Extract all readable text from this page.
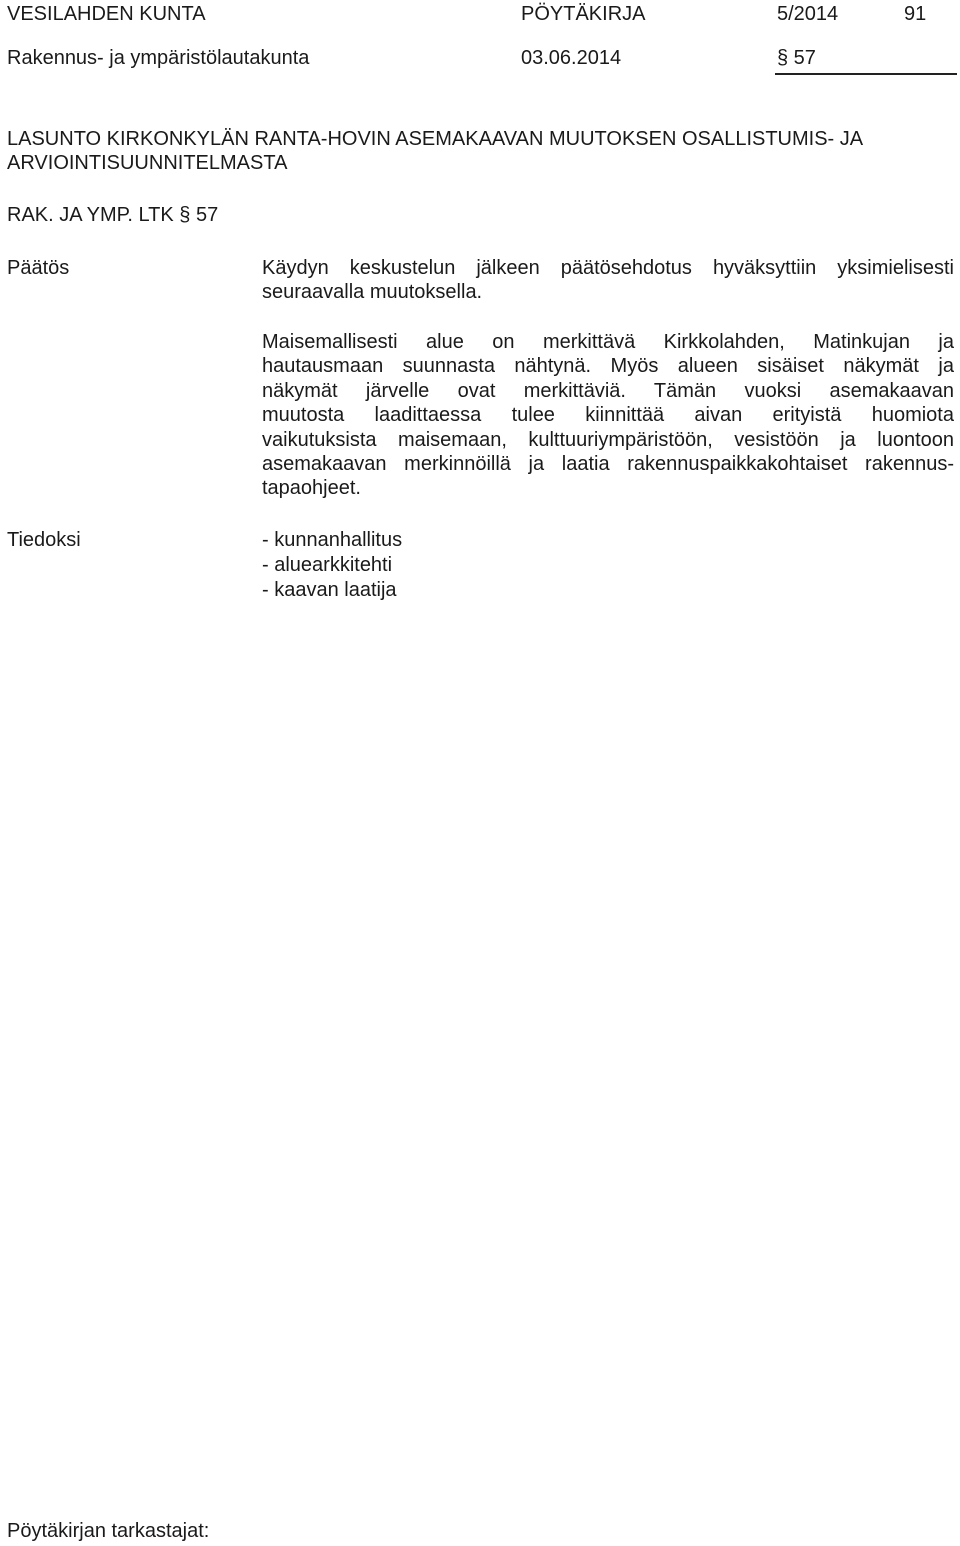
VESILAHDEN KUNTA	PÖYTÄKIRJA	5/2014	91
Rakennus- ja ympäristölautakunta	03.06.2014	§ 57
LASUNTO KIRKONKYLÄN RANTA-HOVIN ASEMAKAAVAN MUUTOKSEN OSALLISTUMIS- JA
ARVIOINTISUUNNITELMASTA
RAK. JA YMP. LTK § 57
Päätös	Käydyn keskustelun jälkeen päätösehdotus hyväksyttiin yksimielisesti
seuraavalla muutoksella.
Maisemallisesti alue on merkittävä Kirkkolahden, Matinkujan ja
hautausmaan suunnasta nähtynä. Myös alueen sisäiset näkymät ja
näkymät järvelle ovat merkittäviä. Tämän vuoksi asemakaavan
muutosta laadittaessa tulee kiinnittää aivan erityistä huomiota
vaikutuksista maisemaan, kulttuuriympäristöön, vesistöön ja luontoon
asemakaavan merkinnöillä ja laatia rakennuspaikkakohtaiset rakennus-
tapaohjeet.
Tiedoksi	- kunnanhallitus
- aluearkkitehti
- kaavan laatija
Pöytäkirjan tarkastajat:
